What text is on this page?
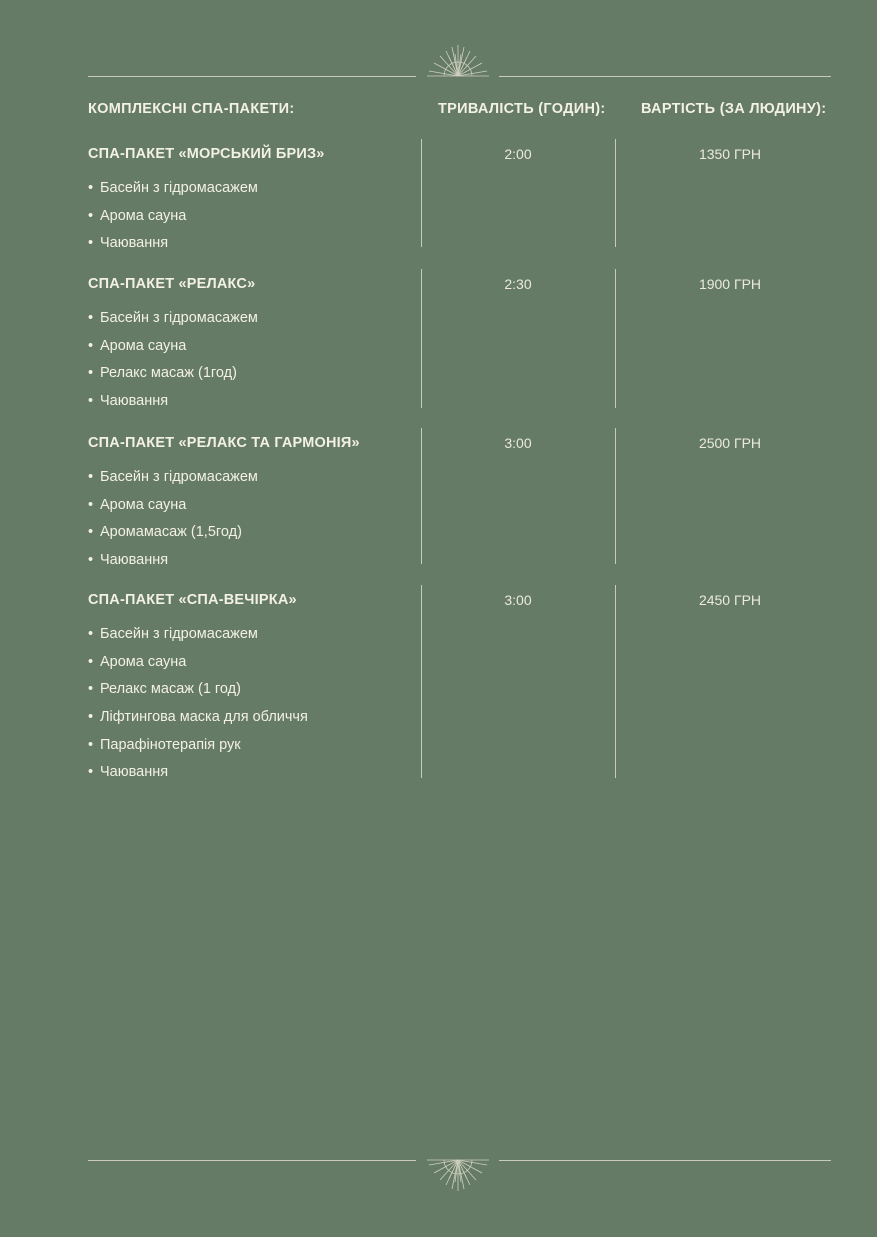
КОМПЛЕКСНІ СПА-ПАКЕТИ:	ТРИВАЛІСТЬ (ГОДИН): ВАРТІСТЬ (ЗА ЛЮДИНУ):
СПА-ПАКЕТ «МОРСЬКИЙ БРИЗ»
• Басейн з гідромасажем
• Арома сауна
• Чаювання
2:00	1350 ГРН
СПА-ПАКЕТ «РЕЛАКС»
• Басейн з гідромасажем
• Арома сауна
• Релакс масаж (1год)
• Чаювання
2:30	1900 ГРН
СПА-ПАКЕТ «РЕЛАКС ТА ГАРМОНІЯ»
• Басейн з гідромасажем
• Арома сауна
• Аромамасаж (1,5год)
• Чаювання
3:00	2500 ГРН
СПА-ПАКЕТ «СПА-ВЕЧІРКА»
• Басейн з гідромасажем
• Арома сауна
• Релакс масаж (1 год)
• Ліфтингова маска для обличчя
• Парафінотерапія рук
• Чаювання
3:00	2450 ГРН
